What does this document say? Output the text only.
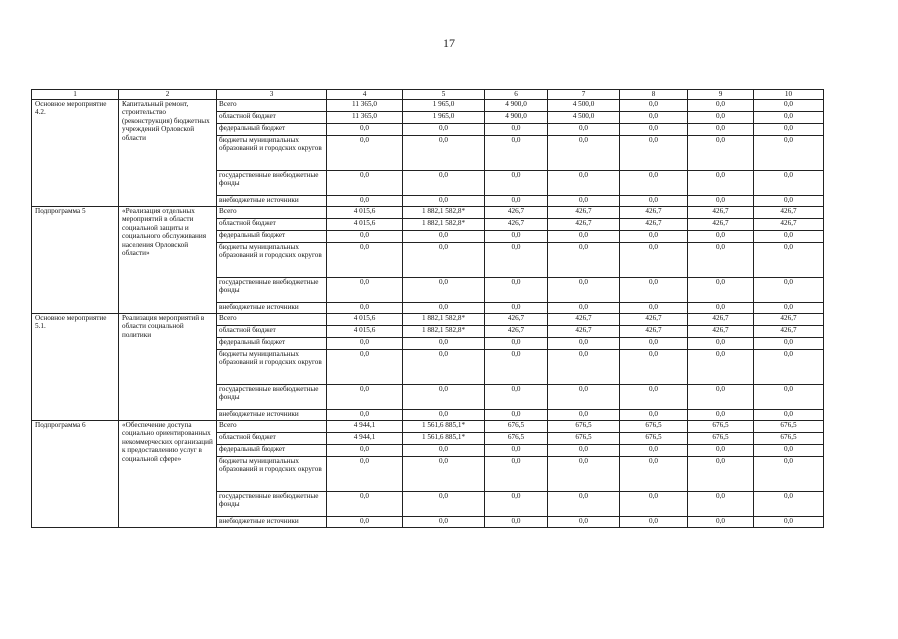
17
1	2	3	4	5	6	7	8	9	10
Основное мероприятие 4.2.	Капитальный ремонт, строительство (реконструкция) бюджетных учреждений Орловской области	Всего	11 365,0	1 965,0	4 900,0	4 500,0	0,0	0,0	0,0
		областной бюджет	11 365,0	1 965,0	4 900,0	4 500,0	0,0	0,0	0,0
		федеральный бюджет	0,0	0,0	0,0	0,0	0,0	0,0	0,0
		бюджеты муниципальных образований и городских округов	0,0	0,0	0,0	0,0	0,0	0,0	0,0
		государственные внебюджетные фонды	0,0	0,0	0,0	0,0	0,0	0,0	0,0
		внебюджетные источники	0,0	0,0	0,0	0,0	0,0	0,0	0,0
Подпрограмма 5	«Реализация отдельных мероприятий в области социальной защиты и социального обслуживания населения Орловской области»	Всего	4 015,6	1 882,1 582,8*	426,7	426,7	426,7	426,7	426,7
		областной бюджет	4 015,6	1 882,1 582,8*	426,7	426,7	426,7	426,7	426,7
		федеральный бюджет	0,0	0,0	0,0	0,0	0,0	0,0	0,0
		бюджеты муниципальных образований и городских округов	0,0	0,0	0,0	0,0	0,0	0,0	0,0
		государственные внебюджетные фонды	0,0	0,0	0,0	0,0	0,0	0,0	0,0
		внебюджетные источники	0,0	0,0	0,0	0,0	0,0	0,0	0,0
Основное мероприятие 5.1.	Реализация мероприятий в области социальной политики	Всего	4 015,6	1 882,1 582,8*	426,7	426,7	426,7	426,7	426,7
		областной бюджет	4 015,6	1 882,1 582,8*	426,7	426,7	426,7	426,7	426,7
		федеральный бюджет	0,0	0,0	0,0	0,0	0,0	0,0	0,0
		бюджеты муниципальных образований и городских округов	0,0	0,0	0,0	0,0	0,0	0,0	0,0
		государственные внебюджетные фонды	0,0	0,0	0,0	0,0	0,0	0,0	0,0
		внебюджетные источники	0,0	0,0	0,0	0,0	0,0	0,0	0,0
Подпрограмма 6	«Обеспечение доступа социально ориентированных некоммерческих организаций к предоставлению услуг в социальной сфере»	Всего	4 944,1	1 561,6 885,1*	676,5	676,5	676,5	676,5	676,5
		областной бюджет	4 944,1	1 561,6 885,1*	676,5	676,5	676,5	676,5	676,5
		федеральный бюджет	0,0	0,0	0,0	0,0	0,0	0,0	0,0
		бюджеты муниципальных образований и городских округов	0,0	0,0	0,0	0,0	0,0	0,0	0,0
		государственные внебюджетные фонды	0,0	0,0	0,0	0,0	0,0	0,0	0,0
		внебюджетные источники	0,0	0,0	0,0	0,0	0,0	0,0	0,0
